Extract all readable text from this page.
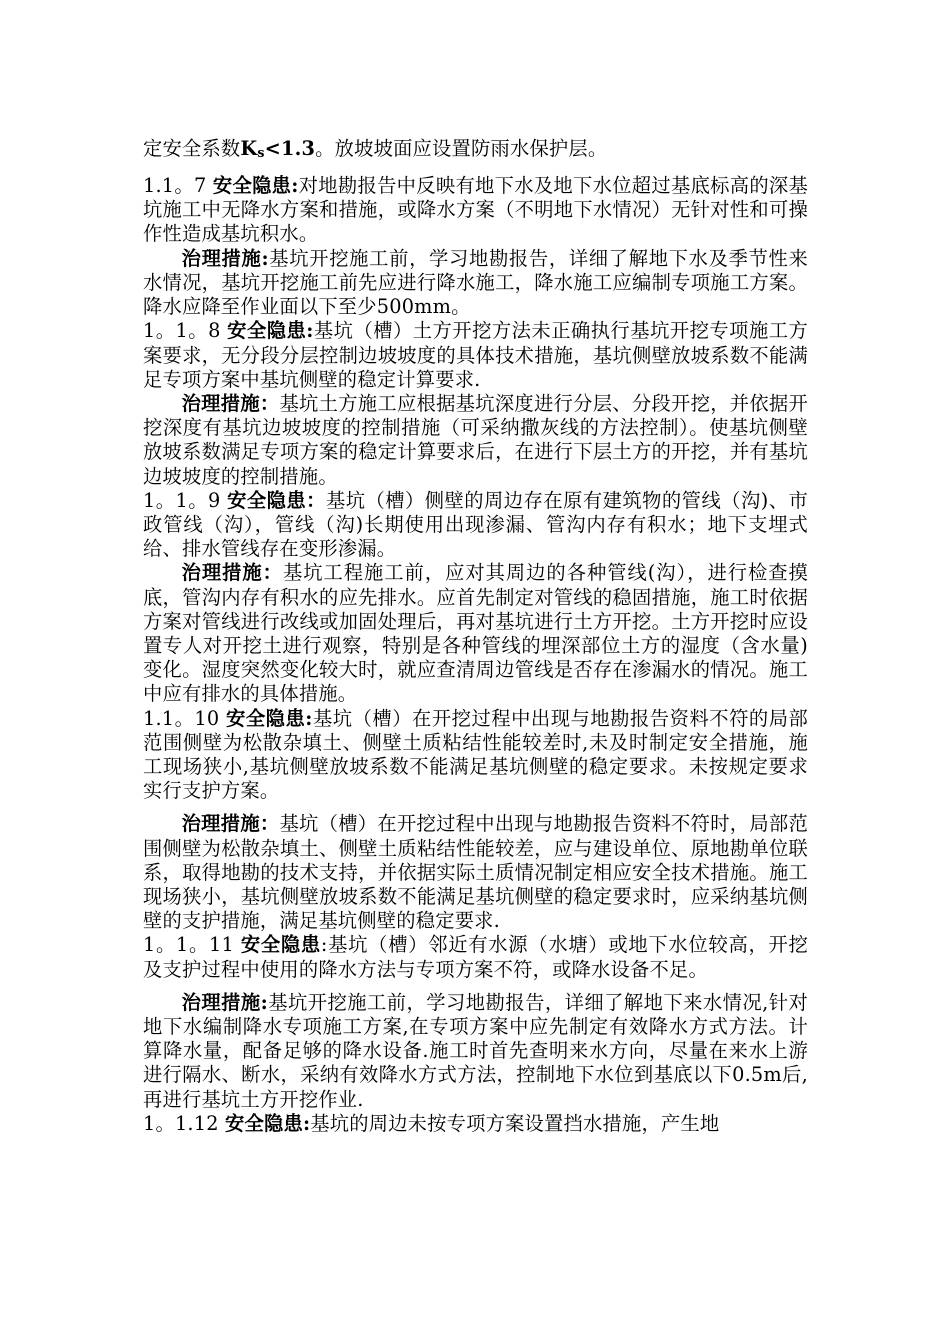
定安全系数Ks<1.3。放坡坡面应设置防雨水保护层。

1.1。7 安全隐患:对地勘报告中反映有地下水及地下水位超过基底标高的深基坑施工中无降水方案和措施，或降水方案（不明地下水情况）无针对性和可操作性造成基坑积水。

治理措施:基坑开挖施工前，学习地勘报告，详细了解地下水及季节性来水情况，基坑开挖施工前先应进行降水施工，降水施工应编制专项施工方案。降水应降至作业面以下至少500mm。

1。1。8 安全隐患:基坑（槽）土方开挖方法未正确执行基坑开挖专项施工方案要求，无分段分层控制边坡坡度的具体技术措施，基坑侧壁放坡系数不能满足专项方案中基坑侧壁的稳定计算要求.

治理措施：基坑土方施工应根据基坑深度进行分层、分段开挖，并依据开挖深度有基坑边坡坡度的控制措施（可采纳撒灰线的方法控制）。使基坑侧壁放坡系数满足专项方案的稳定计算要求后，在进行下层土方的开挖，并有基坑边坡坡度的控制措施。

1。1。9 安全隐患：基坑（槽）侧壁的周边存在原有建筑物的管线（沟)、市政管线（沟），管线（沟)长期使用出现渗漏、管沟内存有积水；地下支埋式给、排水管线存在变形渗漏。

治理措施：基坑工程施工前，应对其周边的各种管线(沟），进行检查摸底，管沟内存有积水的应先排水。应首先制定对管线的稳固措施，施工时依据方案对管线进行改线或加固处理后，再对基坑进行土方开挖。土方开挖时应设置专人对开挖土进行观察，特别是各种管线的埋深部位土方的湿度（含水量)变化。湿度突然变化较大时，就应查清周边管线是否存在渗漏水的情况。施工中应有排水的具体措施。

1.1。10 安全隐患:基坑（槽）在开挖过程中出现与地勘报告资料不符的局部范围侧壁为松散杂填土、侧壁土质粘结性能较差时,未及时制定安全措施，施工现场狭小,基坑侧壁放坡系数不能满足基坑侧壁的稳定要求。未按规定要求实行支护方案。

治理措施：基坑（槽）在开挖过程中出现与地勘报告资料不符时，局部范围侧壁为松散杂填土、侧壁土质粘结性能较差，应与建设单位、原地勘单位联系，取得地勘的技术支持，并依据实际土质情况制定相应安全技术措施。施工现场狭小，基坑侧壁放坡系数不能满足基坑侧壁的稳定要求时，应采纳基坑侧壁的支护措施，满足基坑侧壁的稳定要求.

1。1。11 安全隐患:基坑（槽）邻近有水源（水塘）或地下水位较高，开挖及支护过程中使用的降水方法与专项方案不符，或降水设备不足。

治理措施:基坑开挖施工前，学习地勘报告，详细了解地下来水情况,针对地下水编制降水专项施工方案,在专项方案中应先制定有效降水方式方法。计算降水量，配备足够的降水设备.施工时首先查明来水方向，尽量在来水上游进行隔水、断水，采纳有效降水方式方法，控制地下水位到基底以下0.5m后,再进行基坑土方开挖作业.

1。1.12 安全隐患:基坑的周边未按专项方案设置挡水措施，产生地
